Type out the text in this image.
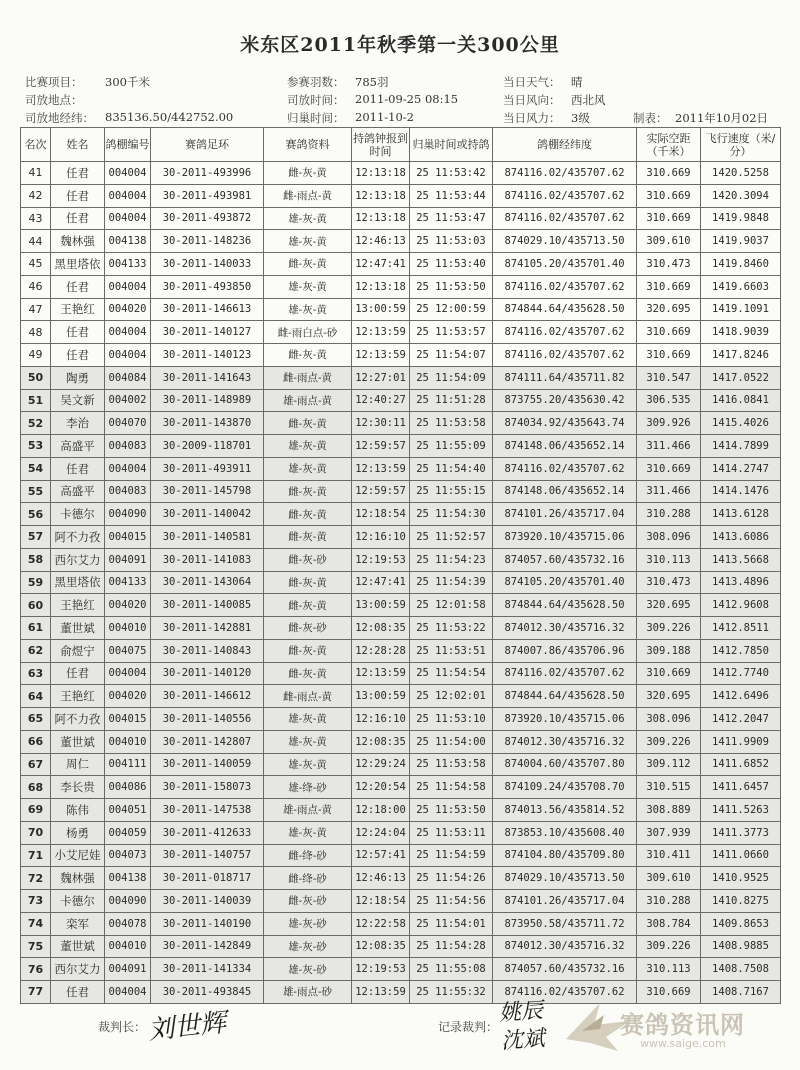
米东区2011年秋季第一关300公里
比赛项目： 300千米
司放地点：
司放地经纬： 835136.50/442752.00
参赛羽数： 785羽
司放时间： 2011-09-25 08:15
归巢时间： 2011-10-2
当日天气： 晴
当日风向： 西北风
当日风力： 3级	制表： 2011年10月02日
名次	姓名	鸽棚编号	赛鸽足环	赛鸽资料	持鸽钟报到时间	归巢时间或持鸽	鸽棚经纬度	实际空距（千米）	飞行速度（米/分）
41	任君	004004	30-2011-493996	雌-灰-黄	12:13:18	25 11:53:42	874116.02/435707.62	310.669	1420.5258
42	任君	004004	30-2011-493981	雌-雨点-黄	12:13:18	25 11:53:44	874116.02/435707.62	310.669	1420.3094
43	任君	004004	30-2011-493872	雄-灰-黄	12:13:18	25 11:53:47	874116.02/435707.62	310.669	1419.9848
44	魏林强	004138	30-2011-148236	雄-灰-黄	12:46:13	25 11:53:03	874029.10/435713.50	309.610	1419.9037
45	黑里塔依	004133	30-2011-140033	雌-灰-黄	12:47:41	25 11:53:40	874105.20/435701.40	310.473	1419.8460
46	任君	004004	30-2011-493850	雄-灰-黄	12:13:18	25 11:53:50	874116.02/435707.62	310.669	1419.6603
47	王艳红	004020	30-2011-146613	雄-灰-黄	13:00:59	25 12:00:59	874844.64/435628.50	320.695	1419.1091
48	任君	004004	30-2011-140127	雌-雨白点-砂	12:13:59	25 11:53:57	874116.02/435707.62	310.669	1418.9039
49	任君	004004	30-2011-140123	雌-灰-黄	12:13:59	25 11:54:07	874116.02/435707.62	310.669	1417.8246
50	陶勇	004084	30-2011-141643	雌-雨点-黄	12:27:01	25 11:54:09	874111.64/435711.82	310.547	1417.0522
51	吴文新	004002	30-2011-148989	雄-雨点-黄	12:40:27	25 11:51:28	873755.20/435630.42	306.535	1416.0841
52	李治	004070	30-2011-143870	雌-灰-黄	12:30:11	25 11:53:58	874034.92/435643.74	309.926	1415.4026
53	高盛平	004083	30-2009-118701	雄-灰-黄	12:59:57	25 11:55:09	874148.06/435652.14	311.466	1414.7899
54	任君	004004	30-2011-493911	雄-灰-黄	12:13:59	25 11:54:40	874116.02/435707.62	310.669	1414.2747
55	高盛平	004083	30-2011-145798	雌-灰-黄	12:59:57	25 11:55:15	874148.06/435652.14	311.466	1414.1476
56	卡德尔	004090	30-2011-140042	雌-灰-黄	12:18:54	25 11:54:30	874101.26/435717.04	310.288	1413.6128
57	阿不力孜	004015	30-2011-140581	雌-灰-黄	12:16:10	25 11:52:57	873920.10/435715.06	308.096	1413.6086
58	西尔艾力	004091	30-2011-141083	雌-灰-砂	12:19:53	25 11:54:23	874057.60/435732.16	310.113	1413.5668
59	黑里塔依	004133	30-2011-143064	雌-灰-黄	12:47:41	25 11:54:39	874105.20/435701.40	310.473	1413.4896
60	王艳红	004020	30-2011-140085	雌-灰-黄	13:00:59	25 12:01:58	874844.64/435628.50	320.695	1412.9608
61	董世斌	004010	30-2011-142881	雌-灰-砂	12:08:35	25 11:53:22	874012.30/435716.32	309.226	1412.8511
62	俞煜宁	004075	30-2011-140843	雌-灰-黄	12:28:28	25 11:53:51	874007.86/435706.96	309.188	1412.7850
63	任君	004004	30-2011-140120	雌-灰-黄	12:13:59	25 11:54:54	874116.02/435707.62	310.669	1412.7740
64	王艳红	004020	30-2011-146612	雌-雨点-黄	13:00:59	25 12:02:01	874844.64/435628.50	320.695	1412.6496
65	阿不力孜	004015	30-2011-140556	雄-灰-黄	12:16:10	25 11:53:10	873920.10/435715.06	308.096	1412.2047
66	董世斌	004010	30-2011-142807	雄-灰-黄	12:08:35	25 11:54:00	874012.30/435716.32	309.226	1411.9909
67	周仁	004111	30-2011-140059	雄-灰-黄	12:29:24	25 11:53:58	874004.60/435707.80	309.112	1411.6852
68	李长贵	004086	30-2011-158073	雄-绛-砂	12:20:54	25 11:54:58	874109.24/435708.70	310.515	1411.6457
69	陈伟	004051	30-2011-147538	雄-雨点-黄	12:18:00	25 11:53:50	874013.56/435814.52	308.889	1411.5263
70	杨勇	004059	30-2011-412633	雄-灰-黄	12:24:04	25 11:53:11	873853.10/435608.40	307.939	1411.3773
71	小艾尼娃	004073	30-2011-140757	雌-绛-砂	12:57:41	25 11:54:59	874104.80/435709.80	310.411	1411.0660
72	魏林强	004138	30-2011-018717	雌-绛-砂	12:46:13	25 11:54:26	874029.10/435713.50	309.610	1410.9525
73	卡德尔	004090	30-2011-140039	雌-灰-砂	12:18:54	25 11:54:56	874101.26/435717.04	310.288	1410.8275
74	栾军	004078	30-2011-140190	雄-灰-砂	12:22:58	25 11:54:01	873950.58/435711.72	308.784	1409.8653
75	董世斌	004010	30-2011-142849	雄-灰-砂	12:08:35	25 11:54:28	874012.30/435716.32	309.226	1408.9885
76	西尔艾力	004091	30-2011-141334	雄-灰-砂	12:19:53	25 11:55:08	874057.60/435732.16	310.113	1408.7508
77	任君	004004	30-2011-493845	雄-雨点-砂	12:13:59	25 11:55:32	874116.02/435707.62	310.669	1408.7167
裁判长： 刘世辉	记录裁判：
姚辰 沈斌
赛鸽资讯网
www.saige.com
